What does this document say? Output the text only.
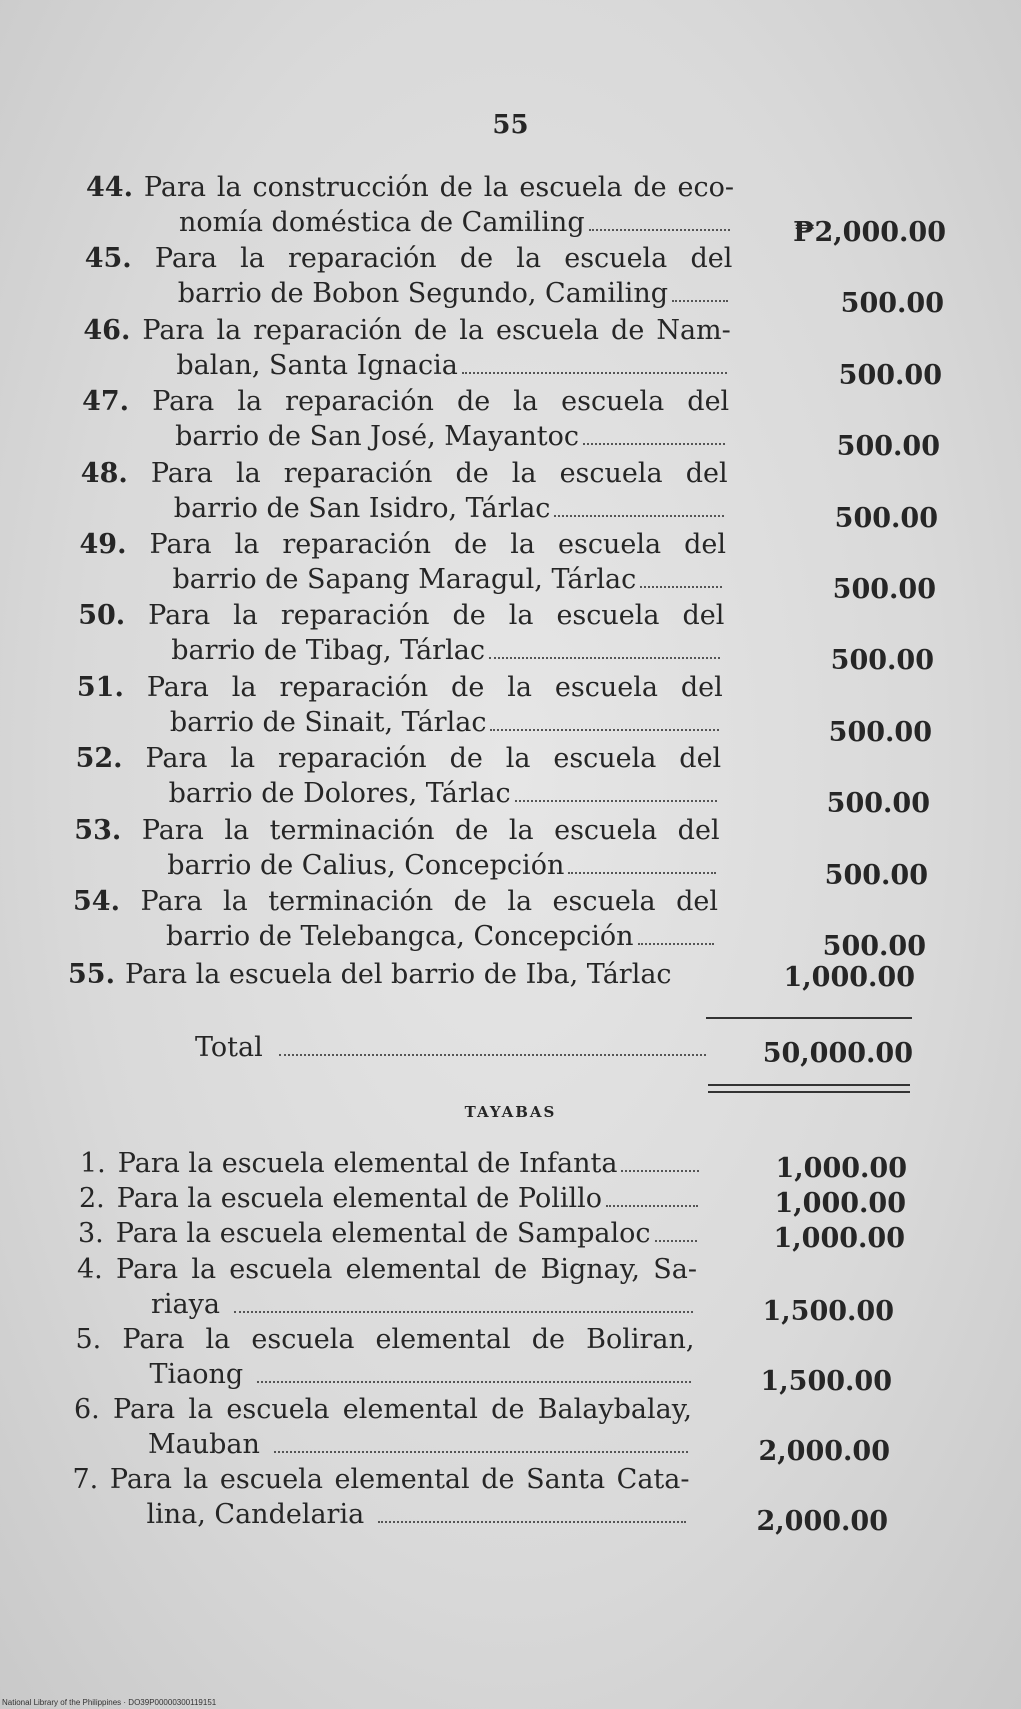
55
44. Para la construcción de la escuela de eco-
nomía doméstica de Camiling	₱2,000.00
45. Para la reparación de la escuela del
barrio de Bobon Segundo, Camiling	500.00
46. Para la reparación de la escuela de Nam-
balan, Santa Ignacia	500.00
47. Para la reparación de la escuela del
barrio de San José, Mayantoc	500.00
48. Para la reparación de la escuela del
barrio de San Isidro, Tárlac	500.00
49. Para la reparación de la escuela del
barrio de Sapang Maragul, Tárlac	500.00
50. Para la reparación de la escuela del
barrio de Tibag, Tárlac	500.00
51. Para la reparación de la escuela del
barrio de Sinait, Tárlac	500.00
52. Para la reparación de la escuela del
barrio de Dolores, Tárlac	500.00
53. Para la terminación de la escuela del
barrio de Calius, Concepción	500.00
54. Para la terminación de la escuela del
barrio de Telebangca, Concepción	500.00
55. Para la escuela del barrio de Iba, Tárlac	1,000.00
Total	50,000.00
TAYABAS
1. Para la escuela elemental de Infanta	1,000.00
2. Para la escuela elemental de Polillo	1,000.00
3. Para la escuela elemental de Sampaloc	1,000.00
4. Para la escuela elemental de Bignay, Sa-
riaya	1,500.00
5. Para la escuela elemental de Boliran,
Tiaong	1,500.00
6. Para la escuela elemental de Balaybalay,
Mauban	2,000.00
7. Para la escuela elemental de Santa Cata-
lina, Candelaria	2,000.00
National Library of the Philippines · DO39P00000300119151
